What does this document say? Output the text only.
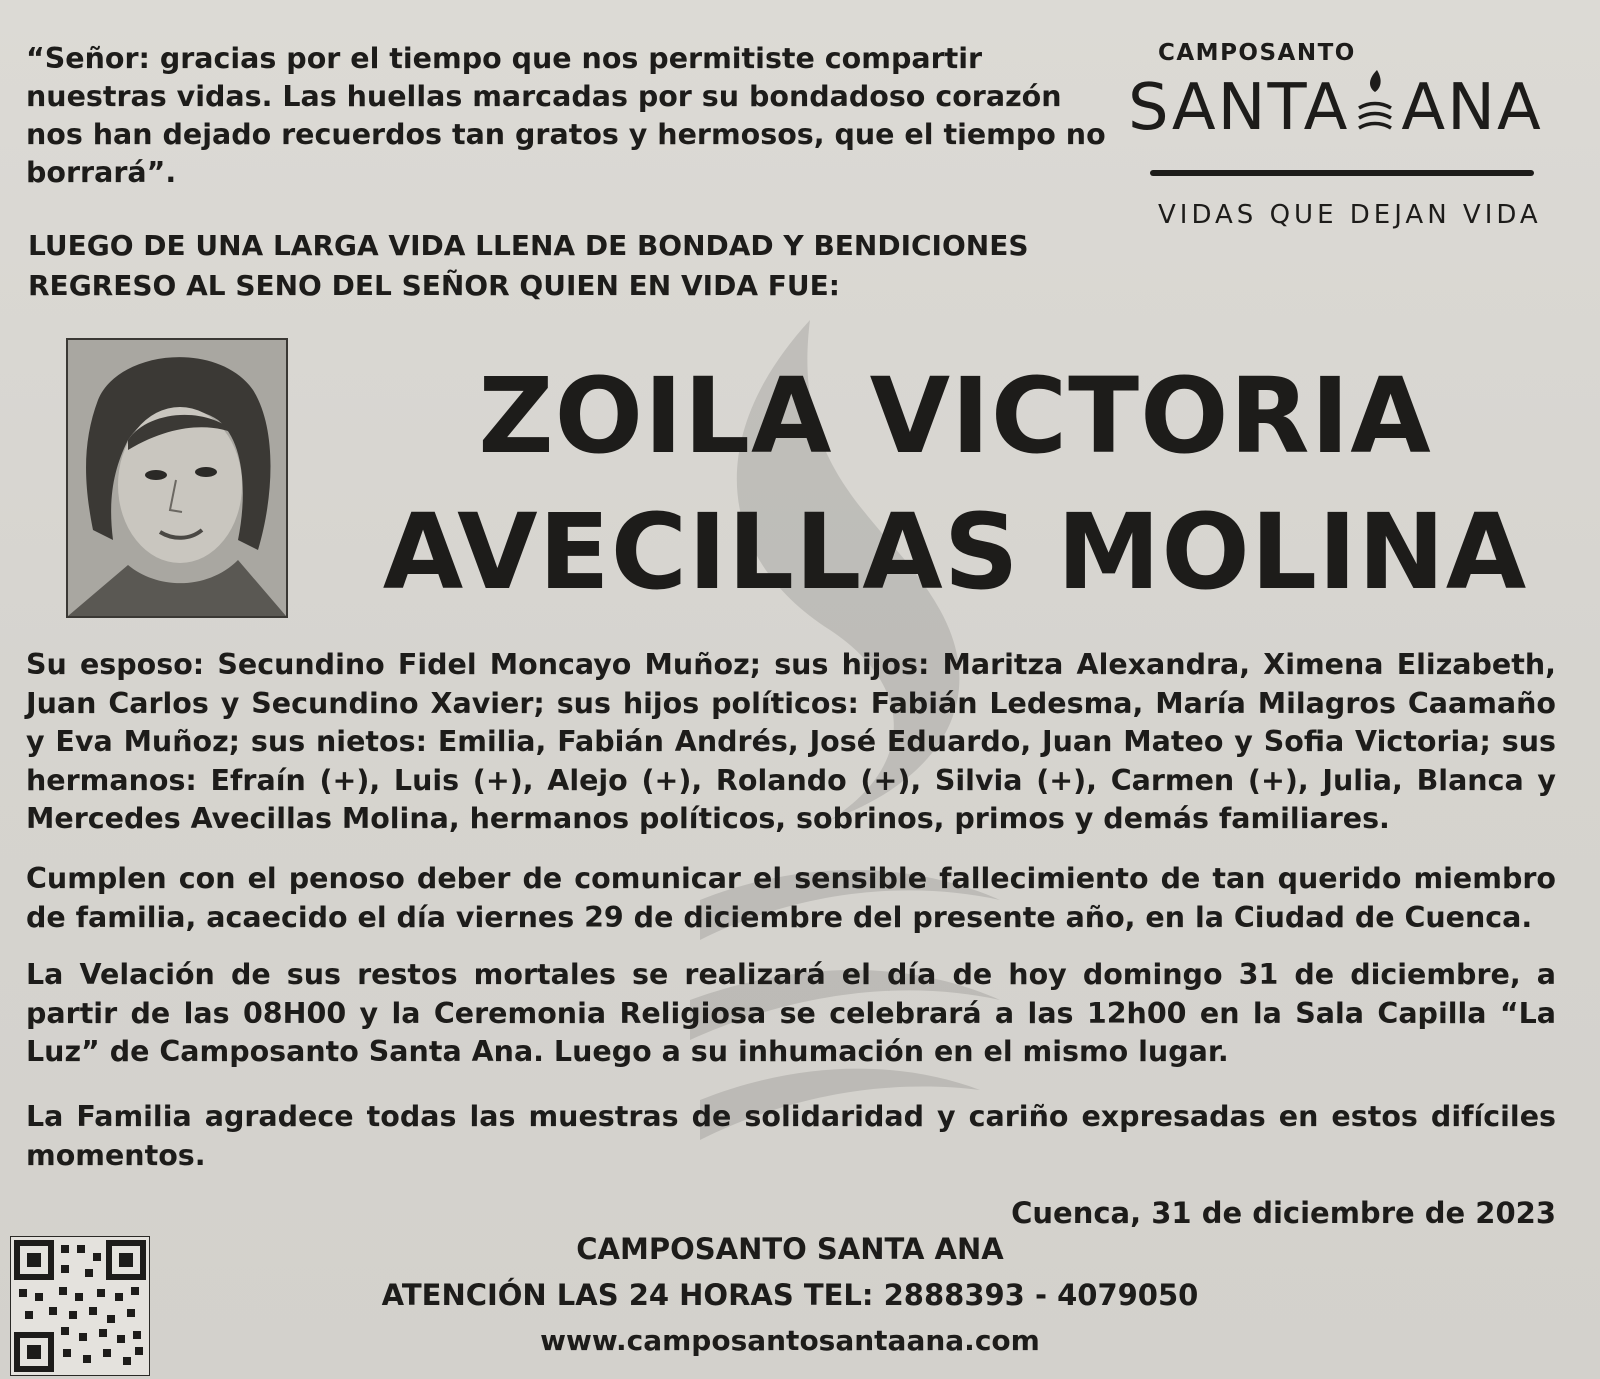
“Señor: gracias por el tiempo que nos permitiste compartir nuestras vidas. Las huellas marcadas por su bondadoso corazón nos han dejado recuerdos tan gratos y hermosos, que el tiempo no borrará”.
LUEGO DE UNA LARGA VIDA LLENA DE BONDAD Y BENDICIONES
REGRESO AL SENO DEL SEÑOR QUIEN EN VIDA FUE:
CAMPOSANTO
SANTA ANA
VIDAS QUE DEJAN VIDA
ZOILA VICTORIA
AVECILLAS MOLINA
Su esposo: Secundino Fidel Moncayo Muñoz; sus hijos: Maritza Alexandra, Ximena Elizabeth, Juan Carlos y Secundino Xavier; sus hijos políticos: Fabián Ledesma, María Milagros Caamaño y Eva Muñoz; sus nietos: Emilia, Fabián Andrés, José Eduardo, Juan Mateo y Sofia Victoria; sus hermanos: Efraín (+), Luis (+), Alejo (+), Rolando (+), Silvia (+), Carmen (+), Julia, Blanca y Mercedes Avecillas Molina, hermanos políticos, sobrinos, primos y demás familiares.
Cumplen con el penoso deber de comunicar el sensible fallecimiento de tan querido miembro de familia, acaecido el día viernes 29 de diciembre del presente año, en la Ciudad de Cuenca.
La Velación de sus restos mortales se realizará el día de hoy domingo 31 de diciembre, a partir de las 08H00 y la Ceremonia Religiosa se celebrará a las 12h00 en la Sala Capilla “La Luz” de Camposanto Santa Ana. Luego a su inhumación en el mismo lugar.
La Familia agradece todas las muestras de solidaridad y cariño expresadas en estos difíciles momentos.
Cuenca, 31 de diciembre de 2023
CAMPOSANTO SANTA ANA
ATENCIÓN LAS 24 HORAS TEL: 2888393 - 4079050
www.camposantosantaana.com
